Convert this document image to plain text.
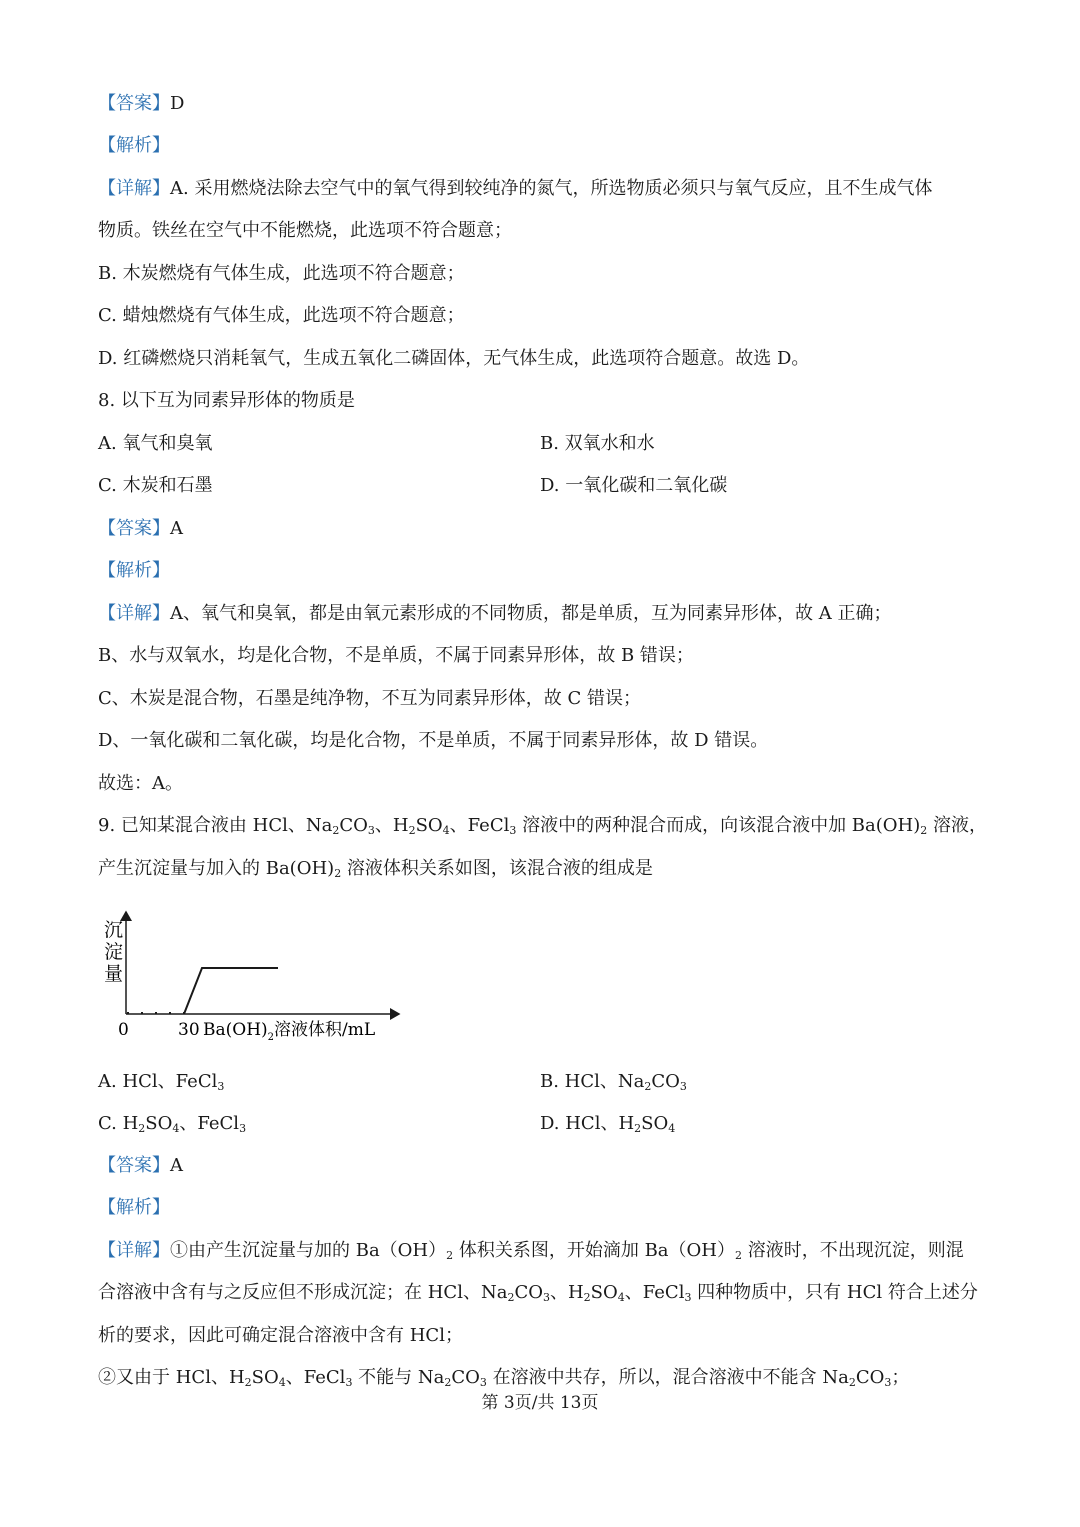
【答案】D
【解析】
【详解】A. 采用燃烧法除去空气中的氧气得到较纯净的氮气，所选物质必须只与氧气反应，且不生成气体
物质。铁丝在空气中不能燃烧，此选项不符合题意；
B. 木炭燃烧有气体生成，此选项不符合题意；
C. 蜡烛燃烧有气体生成，此选项不符合题意；
D. 红磷燃烧只消耗氧气，生成五氧化二磷固体，无气体生成，此选项符合题意。故选 D。
8. 以下互为同素异形体的物质是
A. 氧气和臭氧	B. 双氧水和水
C. 木炭和石墨	D. 一氧化碳和二氧化碳
【答案】A
【解析】
【详解】A、氧气和臭氧，都是由氧元素形成的不同物质，都是单质，互为同素异形体，故 A 正确；
B、水与双氧水，均是化合物，不是单质，不属于同素异形体，故 B 错误；
C、木炭是混合物，石墨是纯净物，不互为同素异形体，故 C 错误；
D、一氧化碳和二氧化碳，均是化合物，不是单质，不属于同素异形体，故 D 错误。
故选：A。
9. 已知某混合液由 HCl、$Na_2CO_3$、$H_2SO_4$、FeCl$_3$ 溶液中的两种混合而成，向该混合液中加 $Ba(OH)_2$ 溶液，
产生沉淀量与加入的 $Ba(OH)_2$ 溶液体积关系如图，该混合液的组成是
沉
淀
量
0	30 $Ba(OH)_2$溶液体积/mL
A. HCl、FeCl$_3$	B. HCl、$Na_2CO_3$
C. $H_2SO_4$、FeCl$_3$	D. HCl、$H_2SO_4$
【答案】A
【解析】
【详解】①由产生沉淀量与加的 $Ba(OH)_2$ 体积关系图，开始滴加 $Ba(OH)_2$ 溶液时，不出现沉淀，则混
合溶液中含有与之反应但不形成沉淀；在 HCl、$Na_2CO_3$、$H_2SO_4$、FeCl$_3$ 四种物质中，只有 HCl 符合上述分
析的要求，因此可确定混合溶液中含有 HCl；
②又由于 HCl、$H_2SO_4$、FeCl$_3$ 不能与 $Na_2CO_3$ 在溶液中共存，所以，混合溶液中不能含 $Na_2CO_3$；
第 3页/共 13页
